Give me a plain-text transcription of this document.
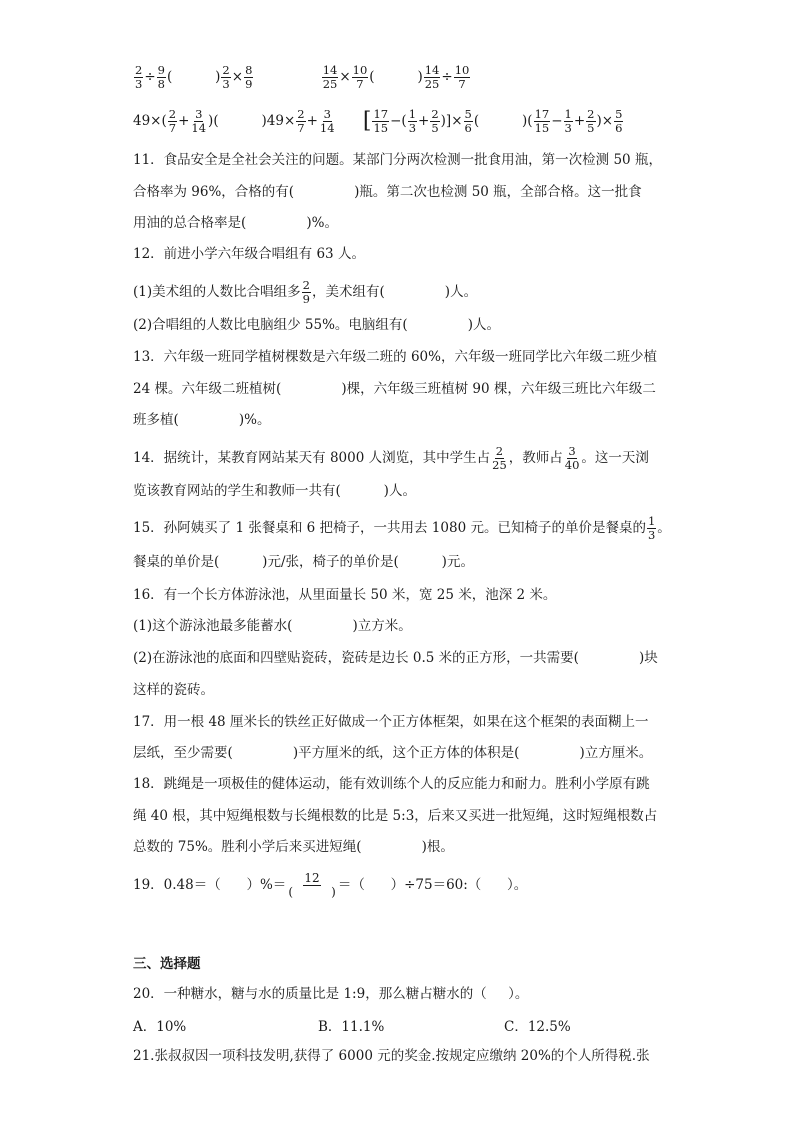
$\frac{2}{3} \div \frac{9}{8}$ (          ) $\frac{2}{3} \times \frac{8}{9}$
	$\frac{14}{25} \times \frac{10}{7}$ (          ) $\frac{14}{25} \div \frac{10}{7}$
$49\times( \frac{2}{7} + \frac{3}{14}$ )(          )$49\times \frac{2}{7} + \frac{3}{14}$ [ $\frac{17}{15}$ −( $\frac{1}{3} + \frac{2}{5}$ )]× $\frac{5}{6}$ (          )( $\frac{17}{15} - \frac{1}{3} + \frac{2}{5}$ )× $\frac{5}{6}$
11．食品安全是全社会关注的问题。某部门分两次检测一批食用油，第一次检测 50 瓶，
合格率为 96%，合格的有(              )瓶。第二次也检测 50 瓶，全部合格。这一批食
用油的总合格率是(              )%。
12．前进小学六年级合唱组有 63 人。
(1)美术组的人数比合唱组多 $\frac{2}{9}$ ，美术组有(              )人。
(2)合唱组的人数比电脑组少 55%。电脑组有(              )人。
13．六年级一班同学植树棵数是六年级二班的 60%，六年级一班同学比六年级二班少植
24 棵。六年级二班植树(              )棵，六年级三班植树 90 棵，六年级三班比六年级二
班多植(              )%。
14．据统计，某教育网站某天有 8000 人浏览，其中学生占 $\frac{2}{25}$ ，教师占 $\frac{3}{40}$ 。这一天浏
览该教育网站的学生和教师一共有(          )人。
15．孙阿姨买了 1 张餐桌和 6 把椅子，一共用去 1080 元。已知椅子的单价是餐桌的 $\frac{1}{3}$ 。
餐桌的单价是(          )元/张，椅子的单价是(          )元。
16．有一个长方体游泳池，从里面量长 50 米，宽 25 米，池深 2 米。
(1)这个游泳池最多能蓄水(              )立方米。
(2)在游泳池的底面和四壁贴瓷砖，瓷砖是边长 0.5 米的正方形，一共需要(              )块
这样的瓷砖。
17．用一根 48 厘米长的铁丝正好做成一个正方体框架，如果在这个框架的表面糊上一
层纸，至少需要(              )平方厘米的纸，这个正方体的体积是(              )立方厘米。
18．跳绳是一项极佳的健体运动，能有效训练个人的反应能力和耐力。胜利小学原有跳
绳 40 根，其中短绳根数与长绳根数的比是 5:3，后来又买进一批短绳，这时短绳根数占
总数的 75%。胜利小学后来买进短绳(              )根。
19．0.48＝（      ）%＝ $\frac{12}{( )}$ ＝（      ）÷75＝60:（      ）。
三、选择题
20．一种糖水，糖与水的质量比是 1:9，那么糖占糖水的（     ）。
A．10%	B．11.1%	C．12.5%
21.张叔叔因一项科技发明,获得了 6000 元的奖金.按规定应缴纳 20%的个人所得税.张
